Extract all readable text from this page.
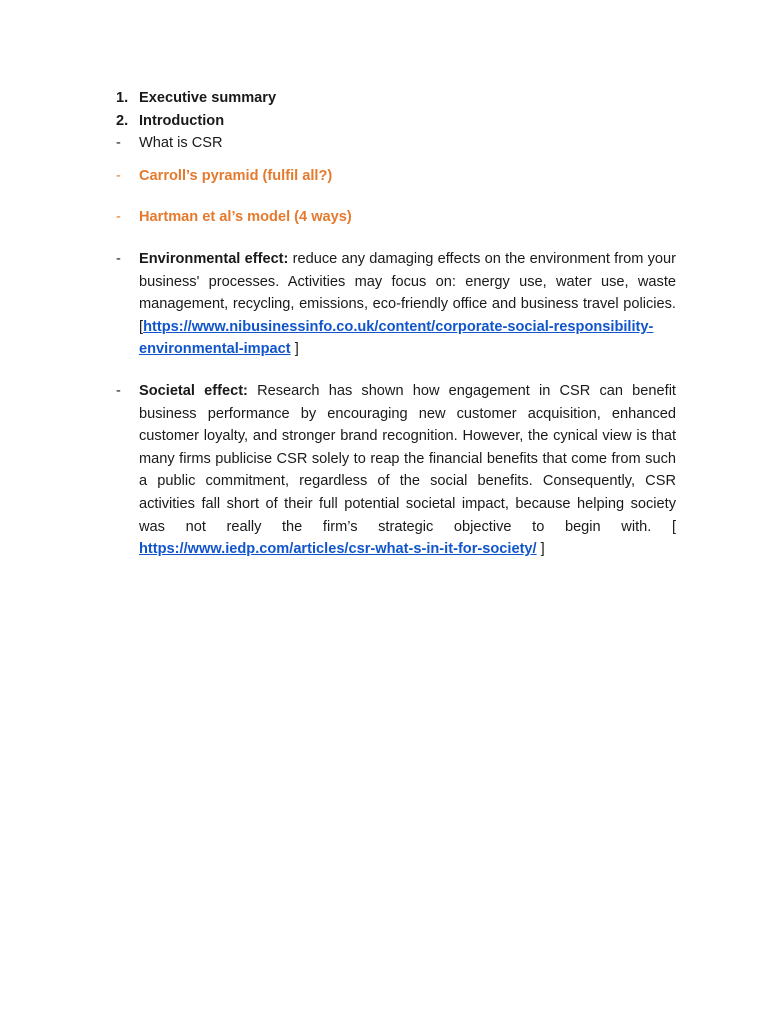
1. Executive summary
2. Introduction
- What is CSR
- Carroll’s pyramid (fulfil all?)
- Hartman et al’s model (4 ways)
- Environmental effect: reduce any damaging effects on the environment from your business' processes. Activities may focus on: energy use, water use, waste management, recycling, emissions, eco-friendly office and business travel policies. [https://www.nibusinessinfo.co.uk/content/corporate-social-responsibility-environmental-impact ]
- Societal effect: Research has shown how engagement in CSR can benefit business performance by encouraging new customer acquisition, enhanced customer loyalty, and stronger brand recognition. However, the cynical view is that many firms publicise CSR solely to reap the financial benefits that come from such a public commitment, regardless of the social benefits. Consequently, CSR activities fall short of their full potential societal impact, because helping society was not really the firm’s strategic objective to begin with. [ https://www.iedp.com/articles/csr-what-s-in-it-for-society/ ]
